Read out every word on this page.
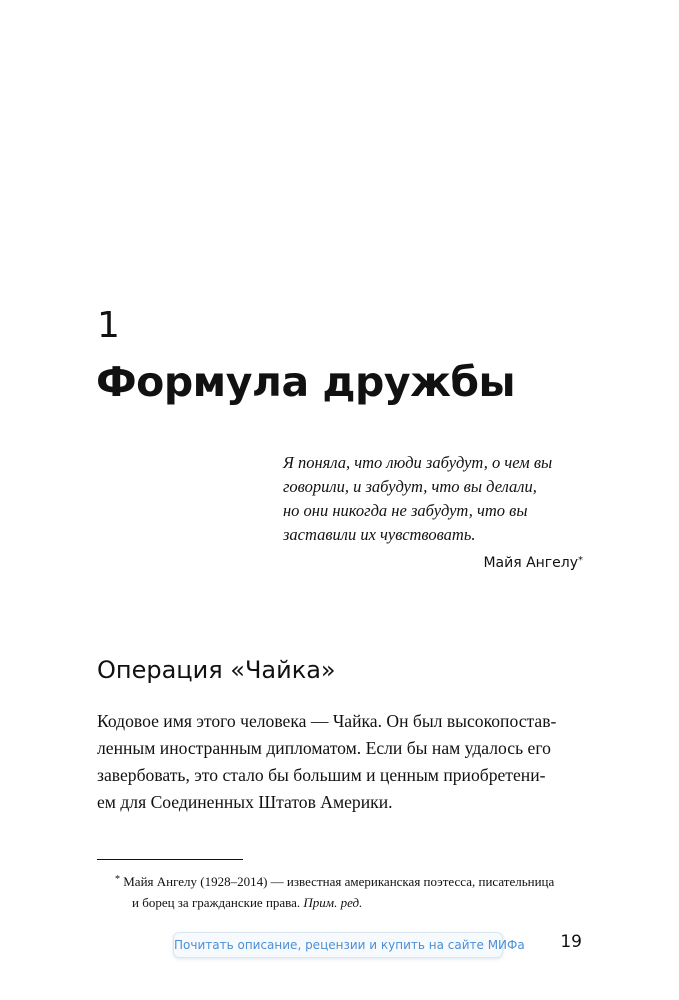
1
Формула дружбы
Я поняла, что люди забудут, о чем вы
говорили, и забудут, что вы делали,
но они никогда не забудут, что вы
заставили их чувствовать.
Майя Ангелу*
Операция «Чайка»
Кодовое имя этого человека — Чайка. Он был высокопостав-
ленным иностранным дипломатом. Если бы нам удалось его
завербовать, это стало бы большим и ценным приобретени-
ем для Соединенных Штатов Америки.
* Майя Ангелу (1928–2014) — известная американская поэтесса, писательница
и борец за гражданские права. Прим. ред.
Почитать описание, рецензии и купить на сайте МИФа 19
